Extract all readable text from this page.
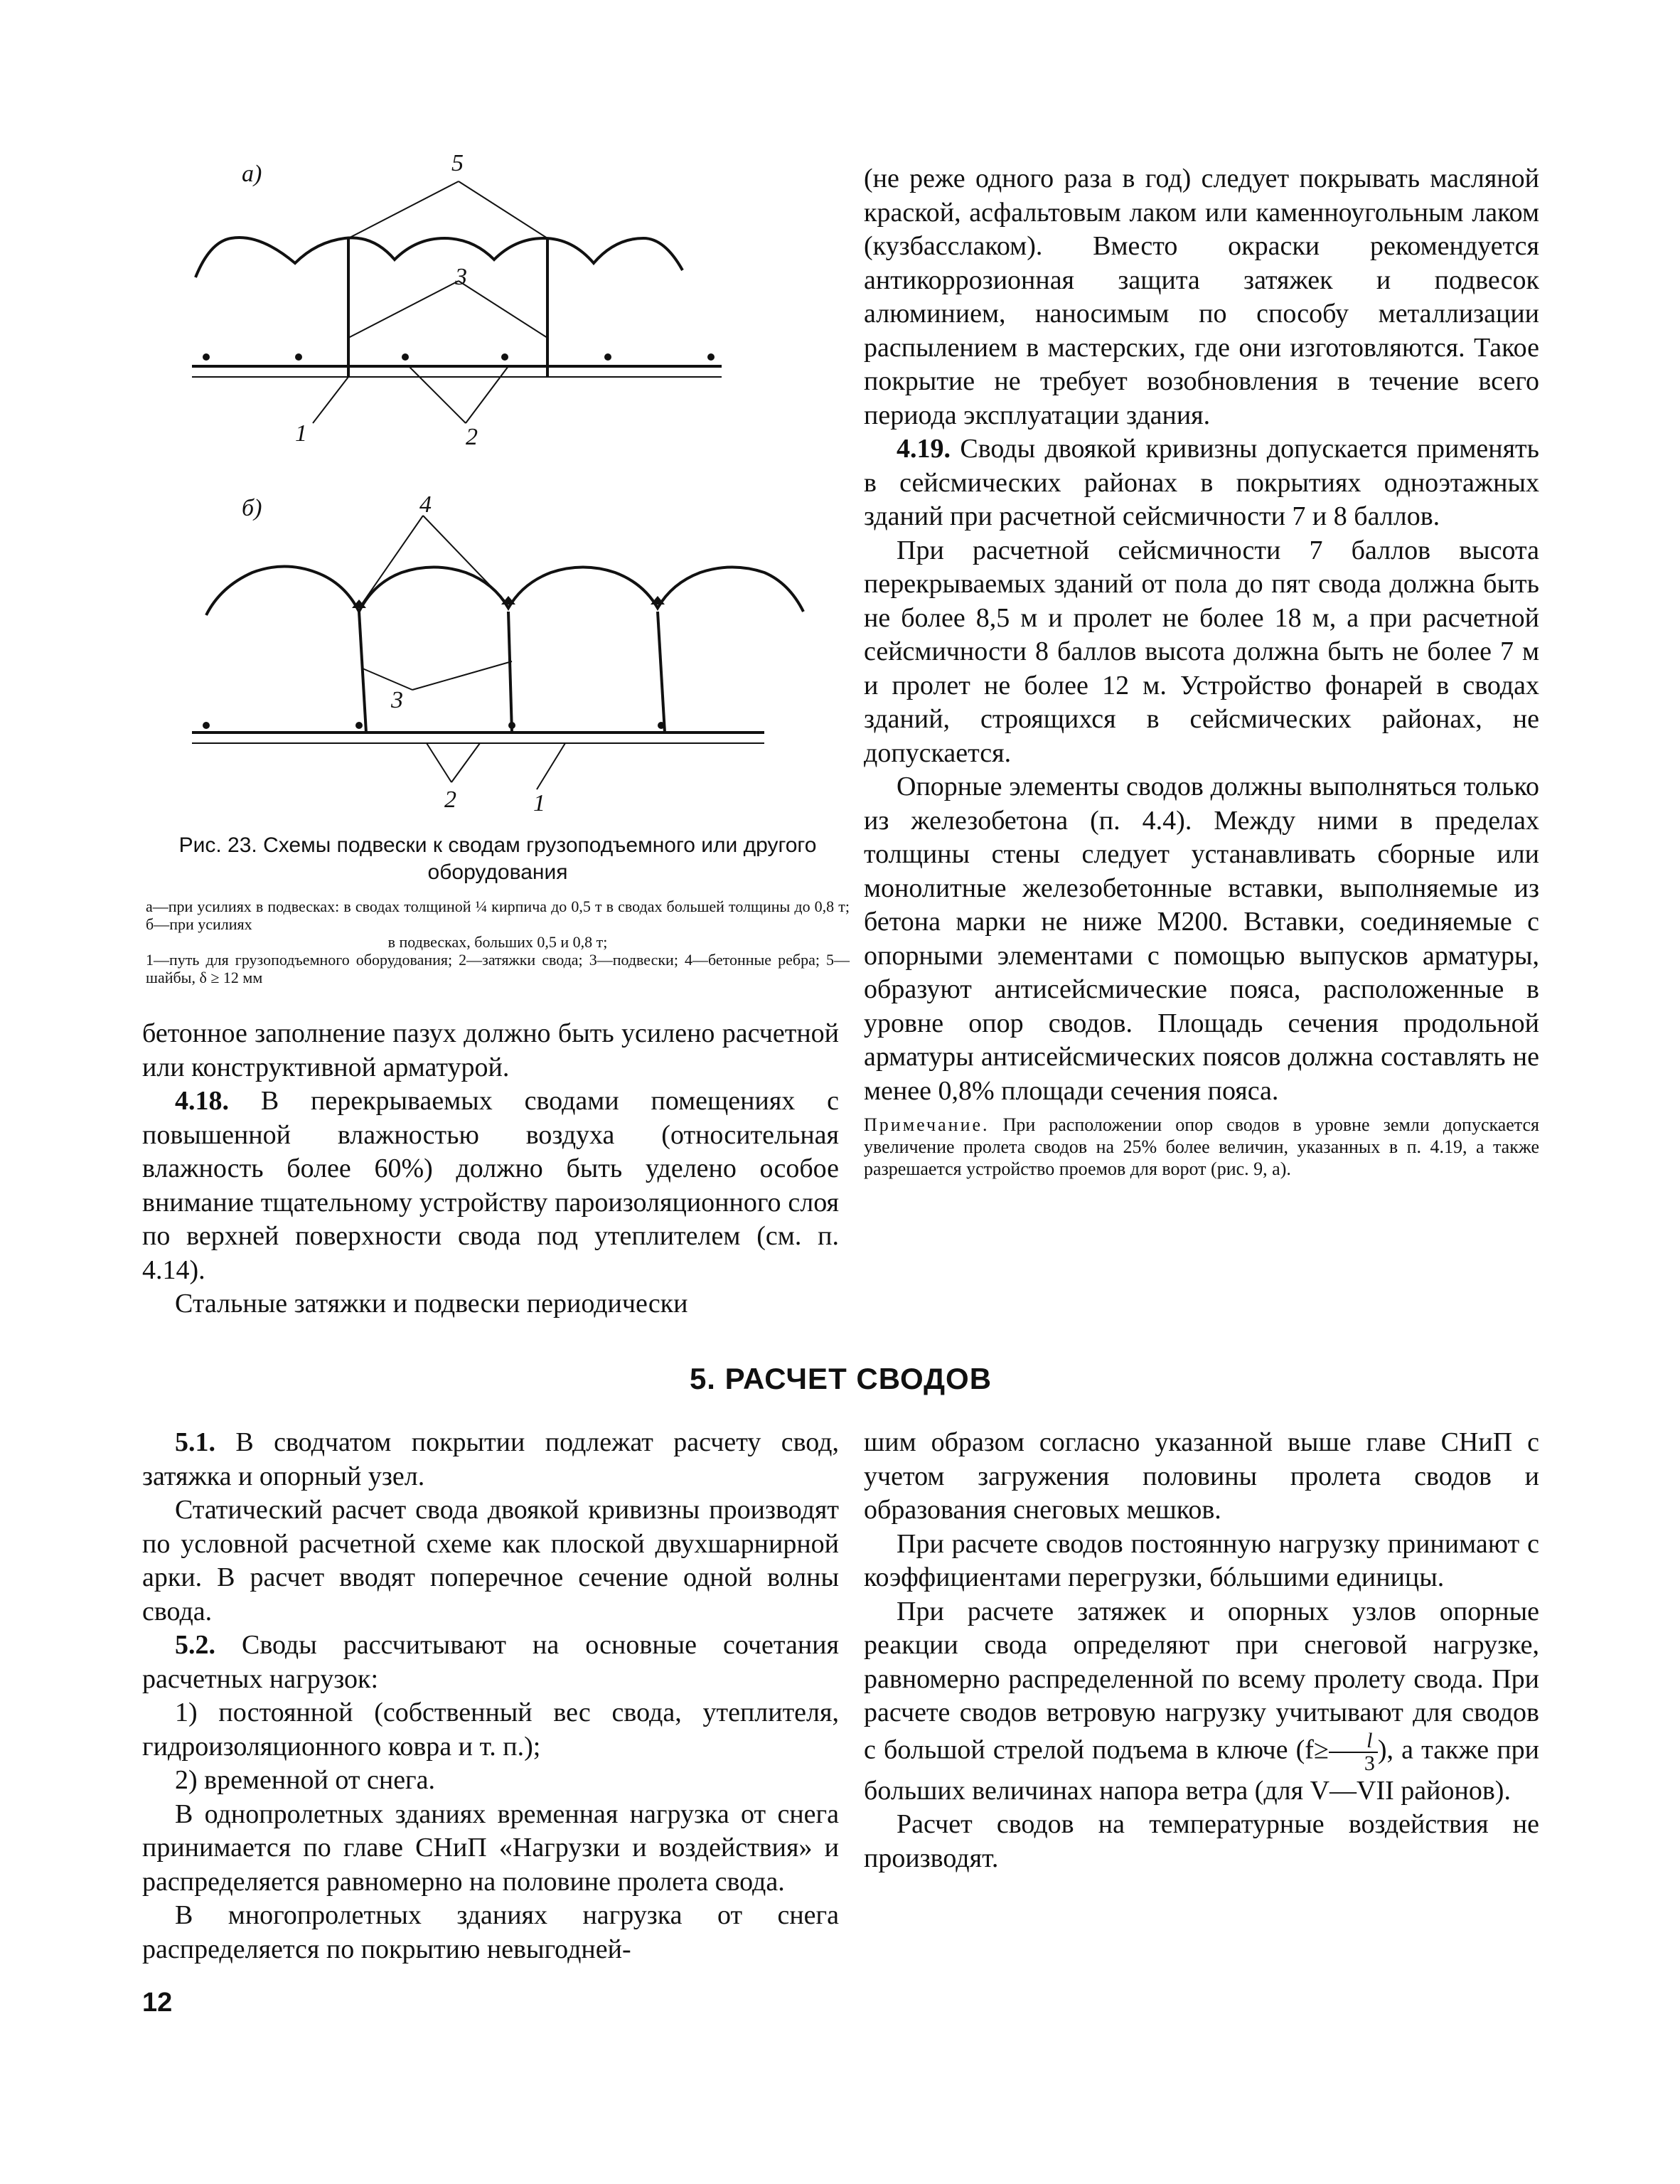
а)	5
3
1	2
б)	4
3
2	1
Рис. 23. Схемы подвески к сводам грузоподъемного или другого оборудования

а—при усилиях в подвесках: в сводах толщиной ¼ кирпича до 0,5 т в сводах большей толщины до 0,8 т; б—при усилиях

в подвесках, больших 0,5 и 0,8 т;

1—путь для грузоподъемного оборудования; 2—затяжки свода; 3—подвески; 4—бетонные ребра; 5—шайбы, δ ≥ 12 мм

бетонное заполнение пазух должно быть усилено расчетной или конструктивной арматурой.

4.18. В перекрываемых сводами помещениях с повышенной влажностью воздуха (относительная влажность более 60%) должно быть уделено особое внимание тщательному устройству пароизоляционного слоя по верхней поверхности свода под утеплителем (см. п. 4.14).

Стальные затяжки и подвески периодически

(не реже одного раза в год) следует покрывать масляной краской, асфальтовым лаком или каменноугольным лаком (кузбасслаком). Вместо окраски рекомендуется антикоррозионная защита затяжек и подвесок алюминием, наносимым по способу металлизации распылением в мастерских, где они изготовляются. Такое покрытие не требует возобновления в течение всего периода эксплуатации здания.

4.19. Своды двоякой кривизны допускается применять в сейсмических районах в покрытиях одноэтажных зданий при расчетной сейсмичности 7 и 8 баллов.

При расчетной сейсмичности 7 баллов высота перекрываемых зданий от пола до пят свода должна быть не более 8,5 м и пролет не более 18 м, а при расчетной сейсмичности 8 баллов высота должна быть не более 7 м и пролет не более 12 м. Устройство фонарей в сводах зданий, строящихся в сейсмических районах, не допускается.

Опорные элементы сводов должны выполняться только из железобетона (п. 4.4). Между ними в пределах толщины стены следует устанавливать сборные или монолитные железобетонные вставки, выполняемые из бетона марки не ниже М200. Вставки, соединяемые с опорными элементами с помощью выпусков арматуры, образуют антисейсмические пояса, расположенные в уровне опор сводов. Площадь сечения продольной арматуры антисейсмических поясов должна составлять не менее 0,8% площади сечения пояса.

Примечание. При расположении опор сводов в уровне земли допускается увеличение пролета сводов на 25% более величин, указанных в п. 4.19, а также разрешается устройство проемов для ворот (рис. 9, а).

5. РАСЧЕТ СВОДОВ

5.1. В сводчатом покрытии подлежат расчету свод, затяжка и опорный узел.

Статический расчет свода двоякой кривизны производят по условной расчетной схеме как плоской двухшарнирной арки. В расчет вводят поперечное сечение одной волны свода.

5.2. Своды рассчитывают на основные сочетания расчетных нагрузок:

1) постоянной (собственный вес свода, утеплителя, гидроизоляционного ковра и т. п.);

2) временной от снега.

В однопролетных зданиях временная нагрузка от снега принимается по главе СНиП «Нагрузки и воздействия» и распределяется равномерно на половине пролета свода.

В многопролетных зданиях нагрузка от снега распределяется по покрытию невыгодней-

шим образом согласно указанной выше главе СНиП с учетом загружения половины пролета сводов и образования снеговых мешков.

При расчете сводов постоянную нагрузку принимают с коэффициентами перегрузки, бóльшими единицы.

При расчете затяжек и опорных узлов опорные реакции свода определяют при снеговой нагрузке, равномерно распределенной по всему пролету свода. При расчете сводов ветровую нагрузку учитывают для сводов с большой стрелой подъема в ключе ($f\ge \frac{l}{3}$ ), а также при больших величинах напора ветра (для V—VII районов).

Расчет сводов на температурные воздействия не производят.

12
